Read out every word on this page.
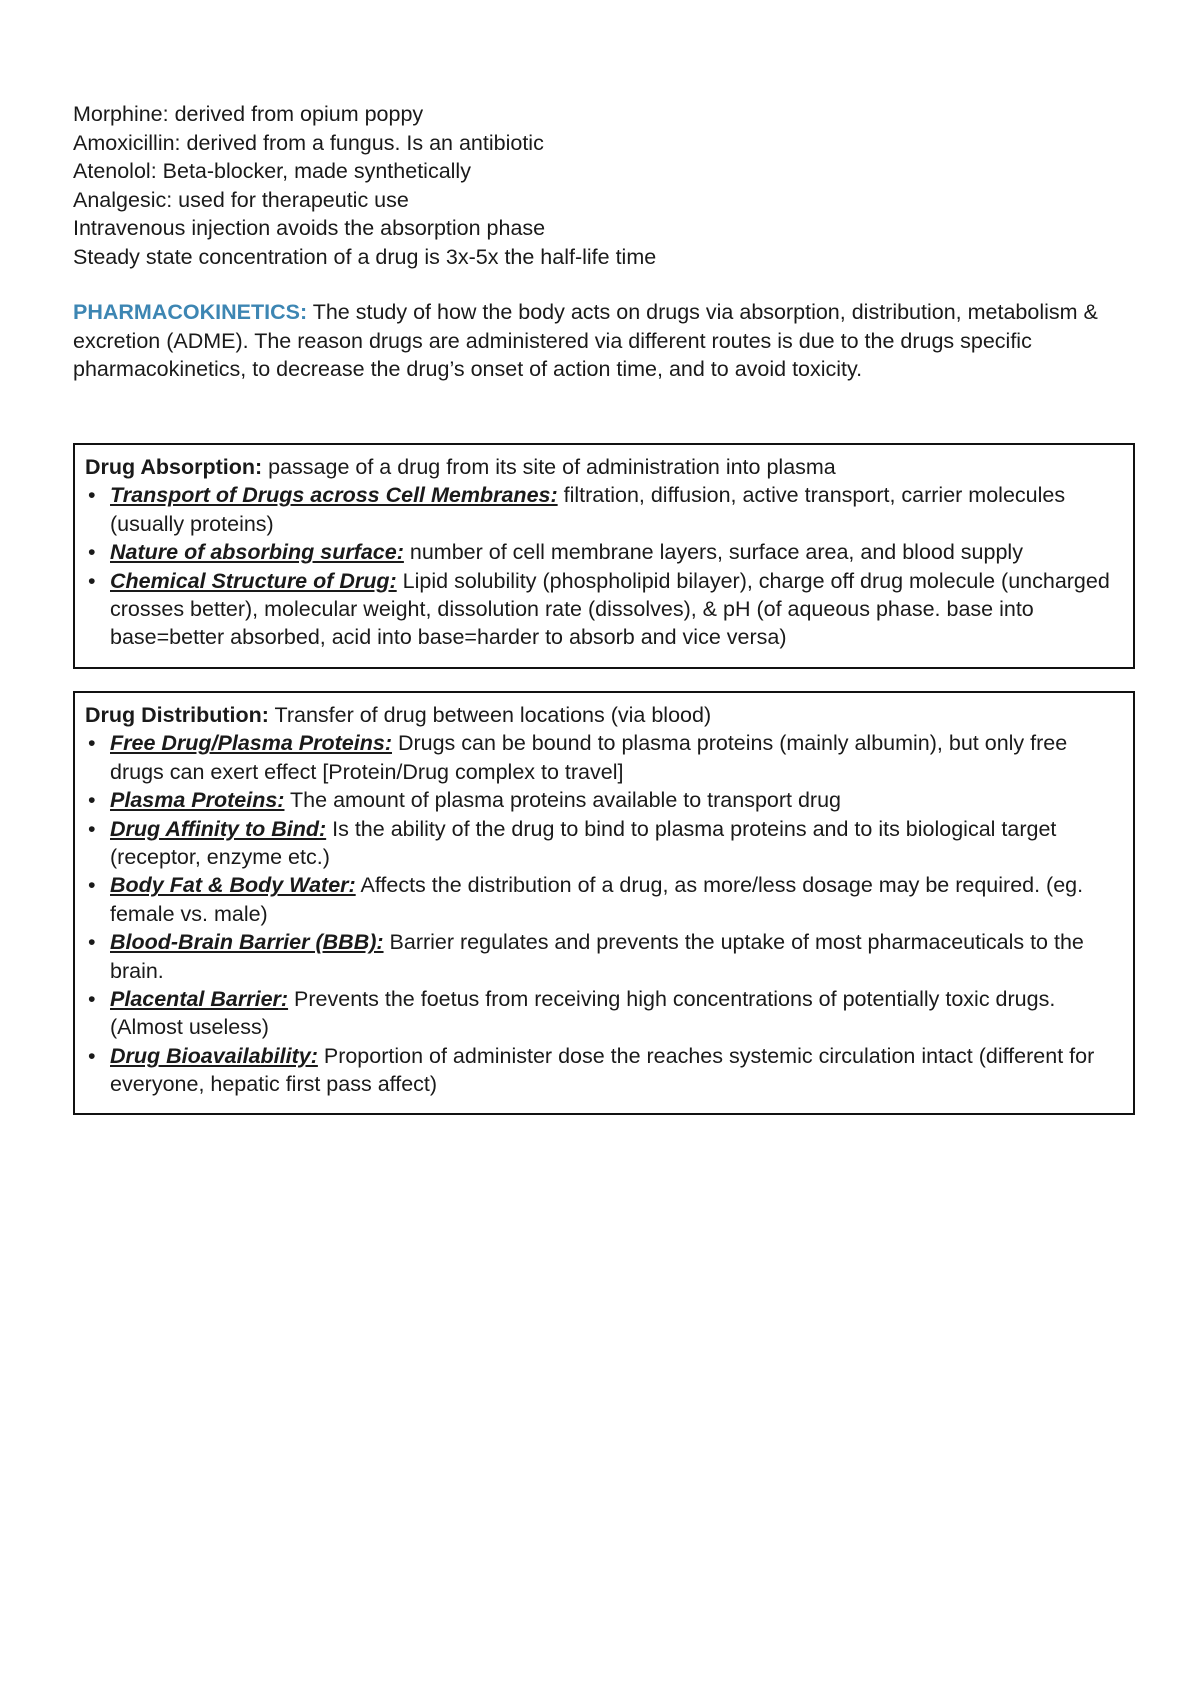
Morphine: derived from opium poppy
Amoxicillin: derived from a fungus. Is an antibiotic
Atenolol: Beta-blocker, made synthetically
Analgesic: used for therapeutic use
Intravenous injection avoids the absorption phase
Steady state concentration of a drug is 3x-5x the half-life time
PHARMACOKINETICS: The study of how the body acts on drugs via absorption, distribution, metabolism & excretion (ADME). The reason drugs are administered via different routes is due to the drugs specific pharmacokinetics, to decrease the drug’s onset of action time, and to avoid toxicity.
Drug Absorption: passage of a drug from its site of administration into plasma
• Transport of Drugs across Cell Membranes: filtration, diffusion, active transport, carrier molecules (usually proteins)
• Nature of absorbing surface: number of cell membrane layers, surface area, and blood supply
• Chemical Structure of Drug: Lipid solubility (phospholipid bilayer), charge off drug molecule (uncharged crosses better), molecular weight, dissolution rate (dissolves), & pH (of aqueous phase. base into base=better absorbed, acid into base=harder to absorb and vice versa)
Drug Distribution: Transfer of drug between locations (via blood)
• Free Drug/Plasma Proteins: Drugs can be bound to plasma proteins (mainly albumin), but only free drugs can exert effect [Protein/Drug complex to travel]
• Plasma Proteins: The amount of plasma proteins available to transport drug
• Drug Affinity to Bind: Is the ability of the drug to bind to plasma proteins and to its biological target (receptor, enzyme etc.)
• Body Fat & Body Water: Affects the distribution of a drug, as more/less dosage may be required. (eg. female vs. male)
• Blood-Brain Barrier (BBB): Barrier regulates and prevents the uptake of most pharmaceuticals to the brain.
• Placental Barrier: Prevents the foetus from receiving high concentrations of potentially toxic drugs. (Almost useless)
• Drug Bioavailability: Proportion of administer dose the reaches systemic circulation intact (different for everyone, hepatic first pass affect)
